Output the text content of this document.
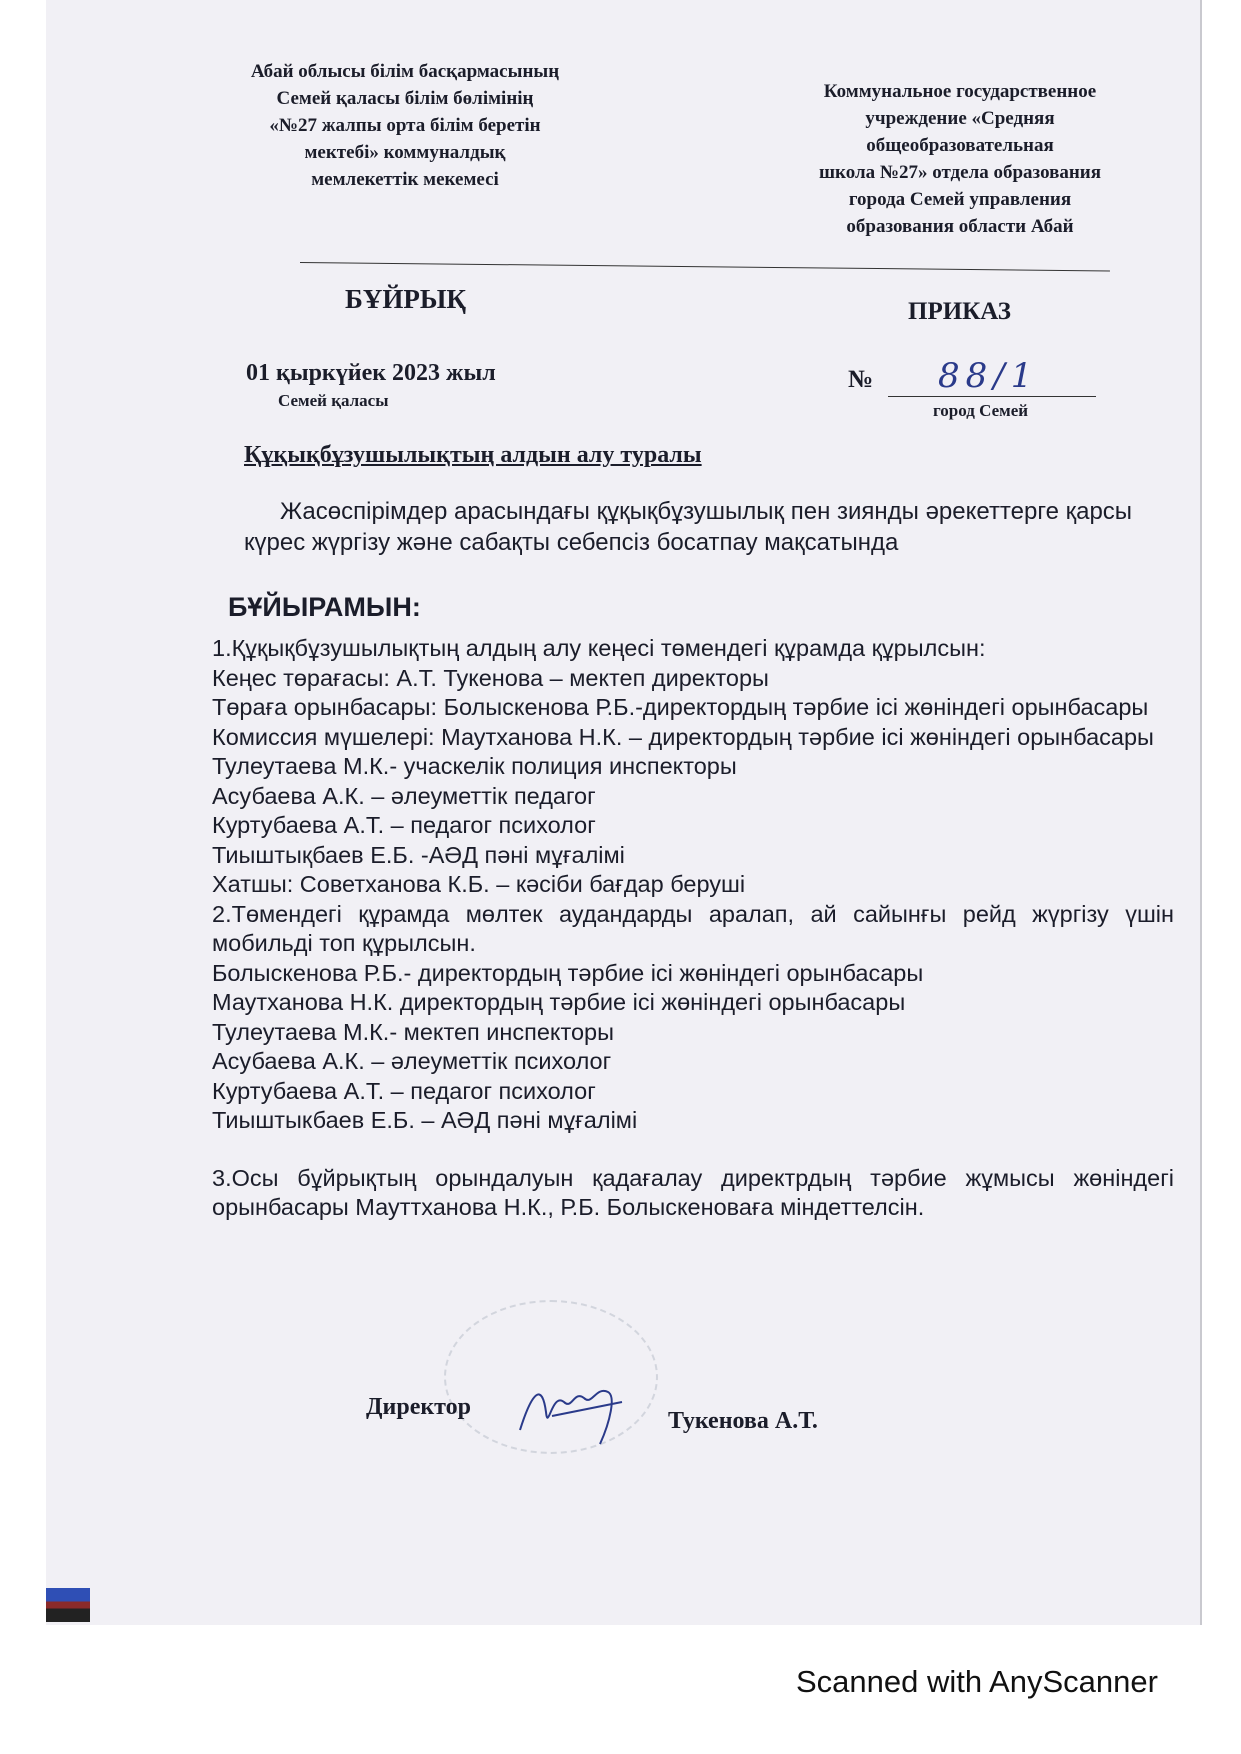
Абай облысы білім басқармасының
Семей қаласы білім бөлімінің
«№27 жалпы орта білім беретін
мектебі» коммуналдық
мемлекеттік мекемесі
Коммунальное государственное
учреждение «Средняя
общеобразовательная
школа №27» отдела образования
города Семей управления
образования области Абай
БҰЙРЫҚ	ПРИКАЗ
01 қыркүйек 2023 жыл
Семей қаласы
№ 88/1
город Семей
Құқықбұзушылықтың алдын алу туралы
Жасөспірімдер арасындағы құқықбұзушылық пен зиянды әрекеттерге қарсы күрес жүргізу және сабақты себепсіз босатпау мақсатында
БҰЙЫРАМЫН:

1.Құқықбұзушылықтың алдың алу кеңесі төмендегі құрамда құрылсын:

Кеңес төрағасы: А.Т. Тукенова – мектеп директоры

Төраға орынбасары: Болыскенова Р.Б.-директордың тәрбие ісі жөніндегі орынбасары

Комиссия мүшелері: Маутханова Н.К. – директордың тәрбие ісі жөніндегі орынбасары

Тулеутаева М.К.- учаскелік полиция инспекторы

Асубаева А.К. – әлеуметтік педагог

Куртубаева А.Т. – педагог психолог

Тиыштықбаев Е.Б. -АӘД пәні мұғалімі

Хатшы: Советханова К.Б. – кәсіби бағдар беруші

2.Төмендегі құрамда мөлтек аудандарды аралап, ай сайынғы рейд жүргізу үшін мобильді топ құрылсын.

Болыскенова Р.Б.- директордың тәрбие ісі жөніндегі орынбасары

Маутханова Н.К. директордың тәрбие ісі жөніндегі орынбасары

Тулеутаева М.К.- мектеп инспекторы

Асубаева А.К. – әлеуметтік психолог

Куртубаева А.Т. – педагог психолог

Тиыштыкбаев Е.Б. – АӘД пәні мұғалімі

3.Осы бұйрықтың орындалуын қадағалау директрдың тәрбие жұмысы жөніндегі орынбасары Мауттханова Н.К., Р.Б. Болыскеноваға міндеттелсін.

Директор
Тукенова А.Т.
Scanned with AnyScanner
